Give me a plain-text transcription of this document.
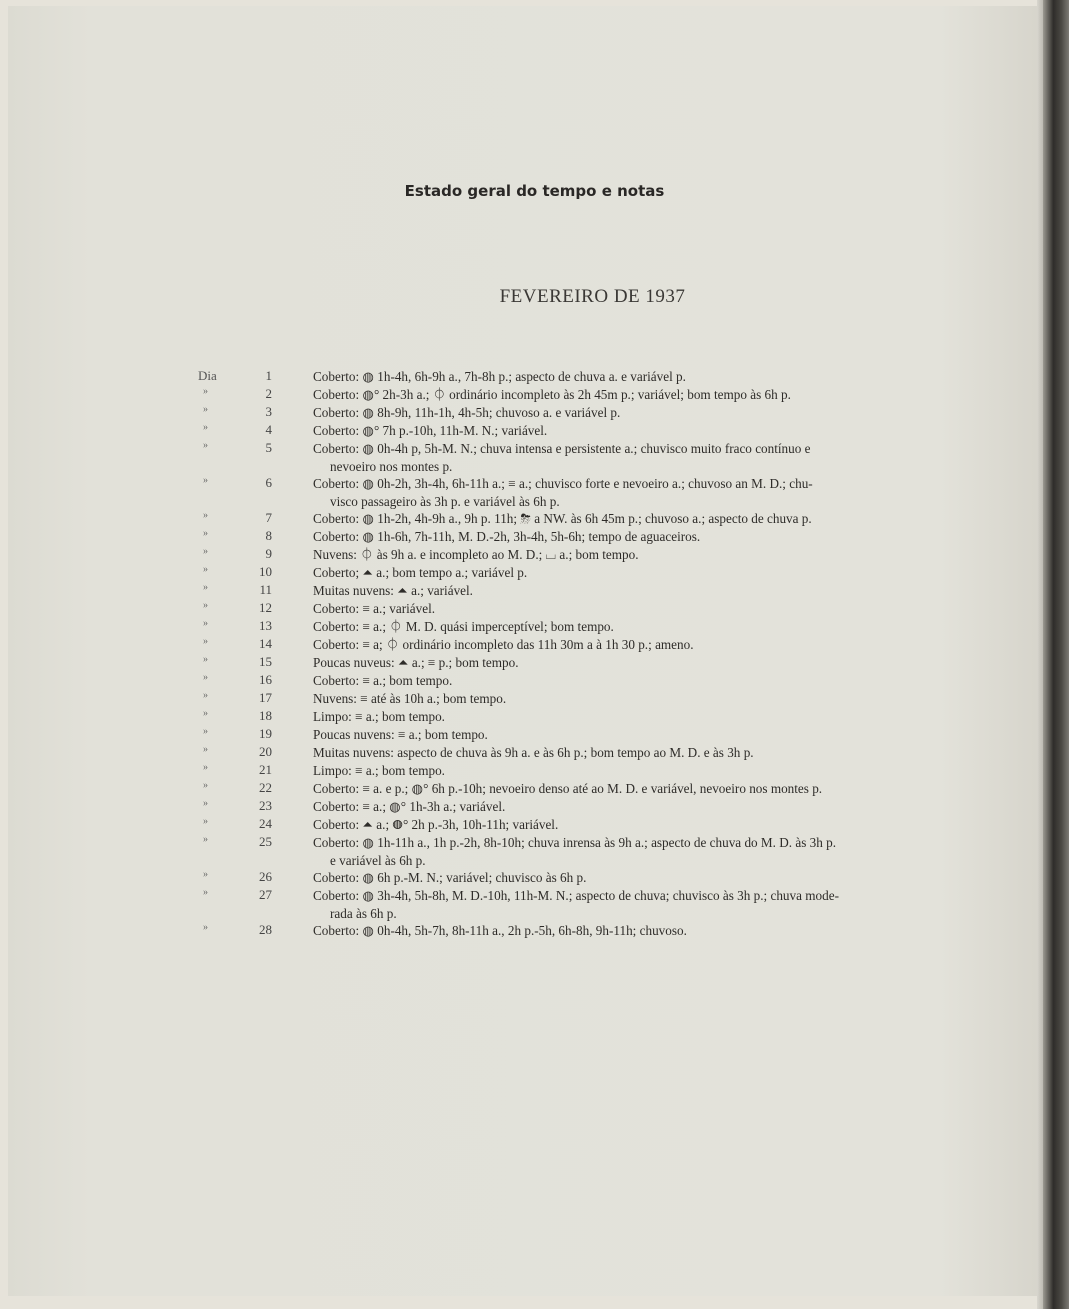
Estado geral do tempo e notas
FEVEREIRO DE 1937
Dia	1	Coberto: ◍ 1h-4h, 6h-9h a., 7h-8h p.; aspecto de chuva a. e variável p.
»	2	Coberto: ◍° 2h-3h a.; ⏀ ordinário incompleto às 2h 45m p.; variável; bom tempo às 6h p.
»	3	Coberto: ◍ 8h-9h, 11h-1h, 4h-5h; chuvoso a. e variável p.
»	4	Coberto: ◍° 7h p.-10h, 11h-M. N.; variável.
»	5	Coberto: ◍ 0h-4h p, 5h-M. N.; chuva intensa e persistente a.; chuvisco muito fraco contínuo e
nevoeiro nos montes p.
»	6	Coberto: ◍ 0h-2h, 3h-4h, 6h-11h a.; ≡ a.; chuvisco forte e nevoeiro a.; chuvoso an M. D.; chu-
visco passageiro às 3h p. e variável às 6h p.
»	7	Coberto: ◍ 1h-2h, 4h-9h a., 9h p. 11h; ⛈ a NW. às 6h 45m p.; chuvoso a.; aspecto de chuva p.
»	8	Coberto: ◍ 1h-6h, 7h-11h, M. D.-2h, 3h-4h, 5h-6h; tempo de aguaceiros.
»	9	Nuvens: ⏀ às 9h a. e incompleto ao M. D.; ⌴ a.; bom tempo.
»	10	Coberto; ⏶ a.; bom tempo a.; variável p.
»	11	Muitas nuvens: ⏶ a.; variável.
»	12	Coberto: ≡ a.; variável.
»	13	Coberto: ≡ a.; ⏀ M. D. quási imperceptível; bom tempo.
»	14	Coberto: ≡ a; ⏀ ordinário incompleto das 11h 30m a à 1h 30 p.; ameno.
»	15	Poucas nuveus: ⏶ a.; ≡ p.; bom tempo.
»	16	Coberto: ≡ a.; bom tempo.
»	17	Nuvens: ≡ até às 10h a.; bom tempo.
»	18	Limpo: ≡ a.; bom tempo.
»	19	Poucas nuvens: ≡ a.; bom tempo.
»	20	Muitas nuvens: aspecto de chuva às 9h a. e às 6h p.; bom tempo ao M. D. e às 3h p.
»	21	Limpo: ≡ a.; bom tempo.
»	22	Coberto: ≡ a. e p.; ◍° 6h p.-10h; nevoeiro denso até ao M. D. e variável, nevoeiro nos montes p.
»	23	Coberto: ≡ a.; ◍° 1h-3h a.; variável.
»	24	Coberto: ⏶ a.; ◍° 2h p.-3h, 10h-11h; variável.
»	25	Coberto: ◍ 1h-11h a., 1h p.-2h, 8h-10h; chuva inrensa às 9h a.; aspecto de chuva do M. D. às 3h p.
e variável às 6h p.
»	26	Coberto: ◍ 6h p.-M. N.; variável; chuvisco às 6h p.
»	27	Coberto: ◍ 3h-4h, 5h-8h, M. D.-10h, 11h-M. N.; aspecto de chuva; chuvisco às 3h p.; chuva mode-
rada às 6h p.
»	28	Coberto: ◍ 0h-4h, 5h-7h, 8h-11h a., 2h p.-5h, 6h-8h, 9h-11h; chuvoso.
